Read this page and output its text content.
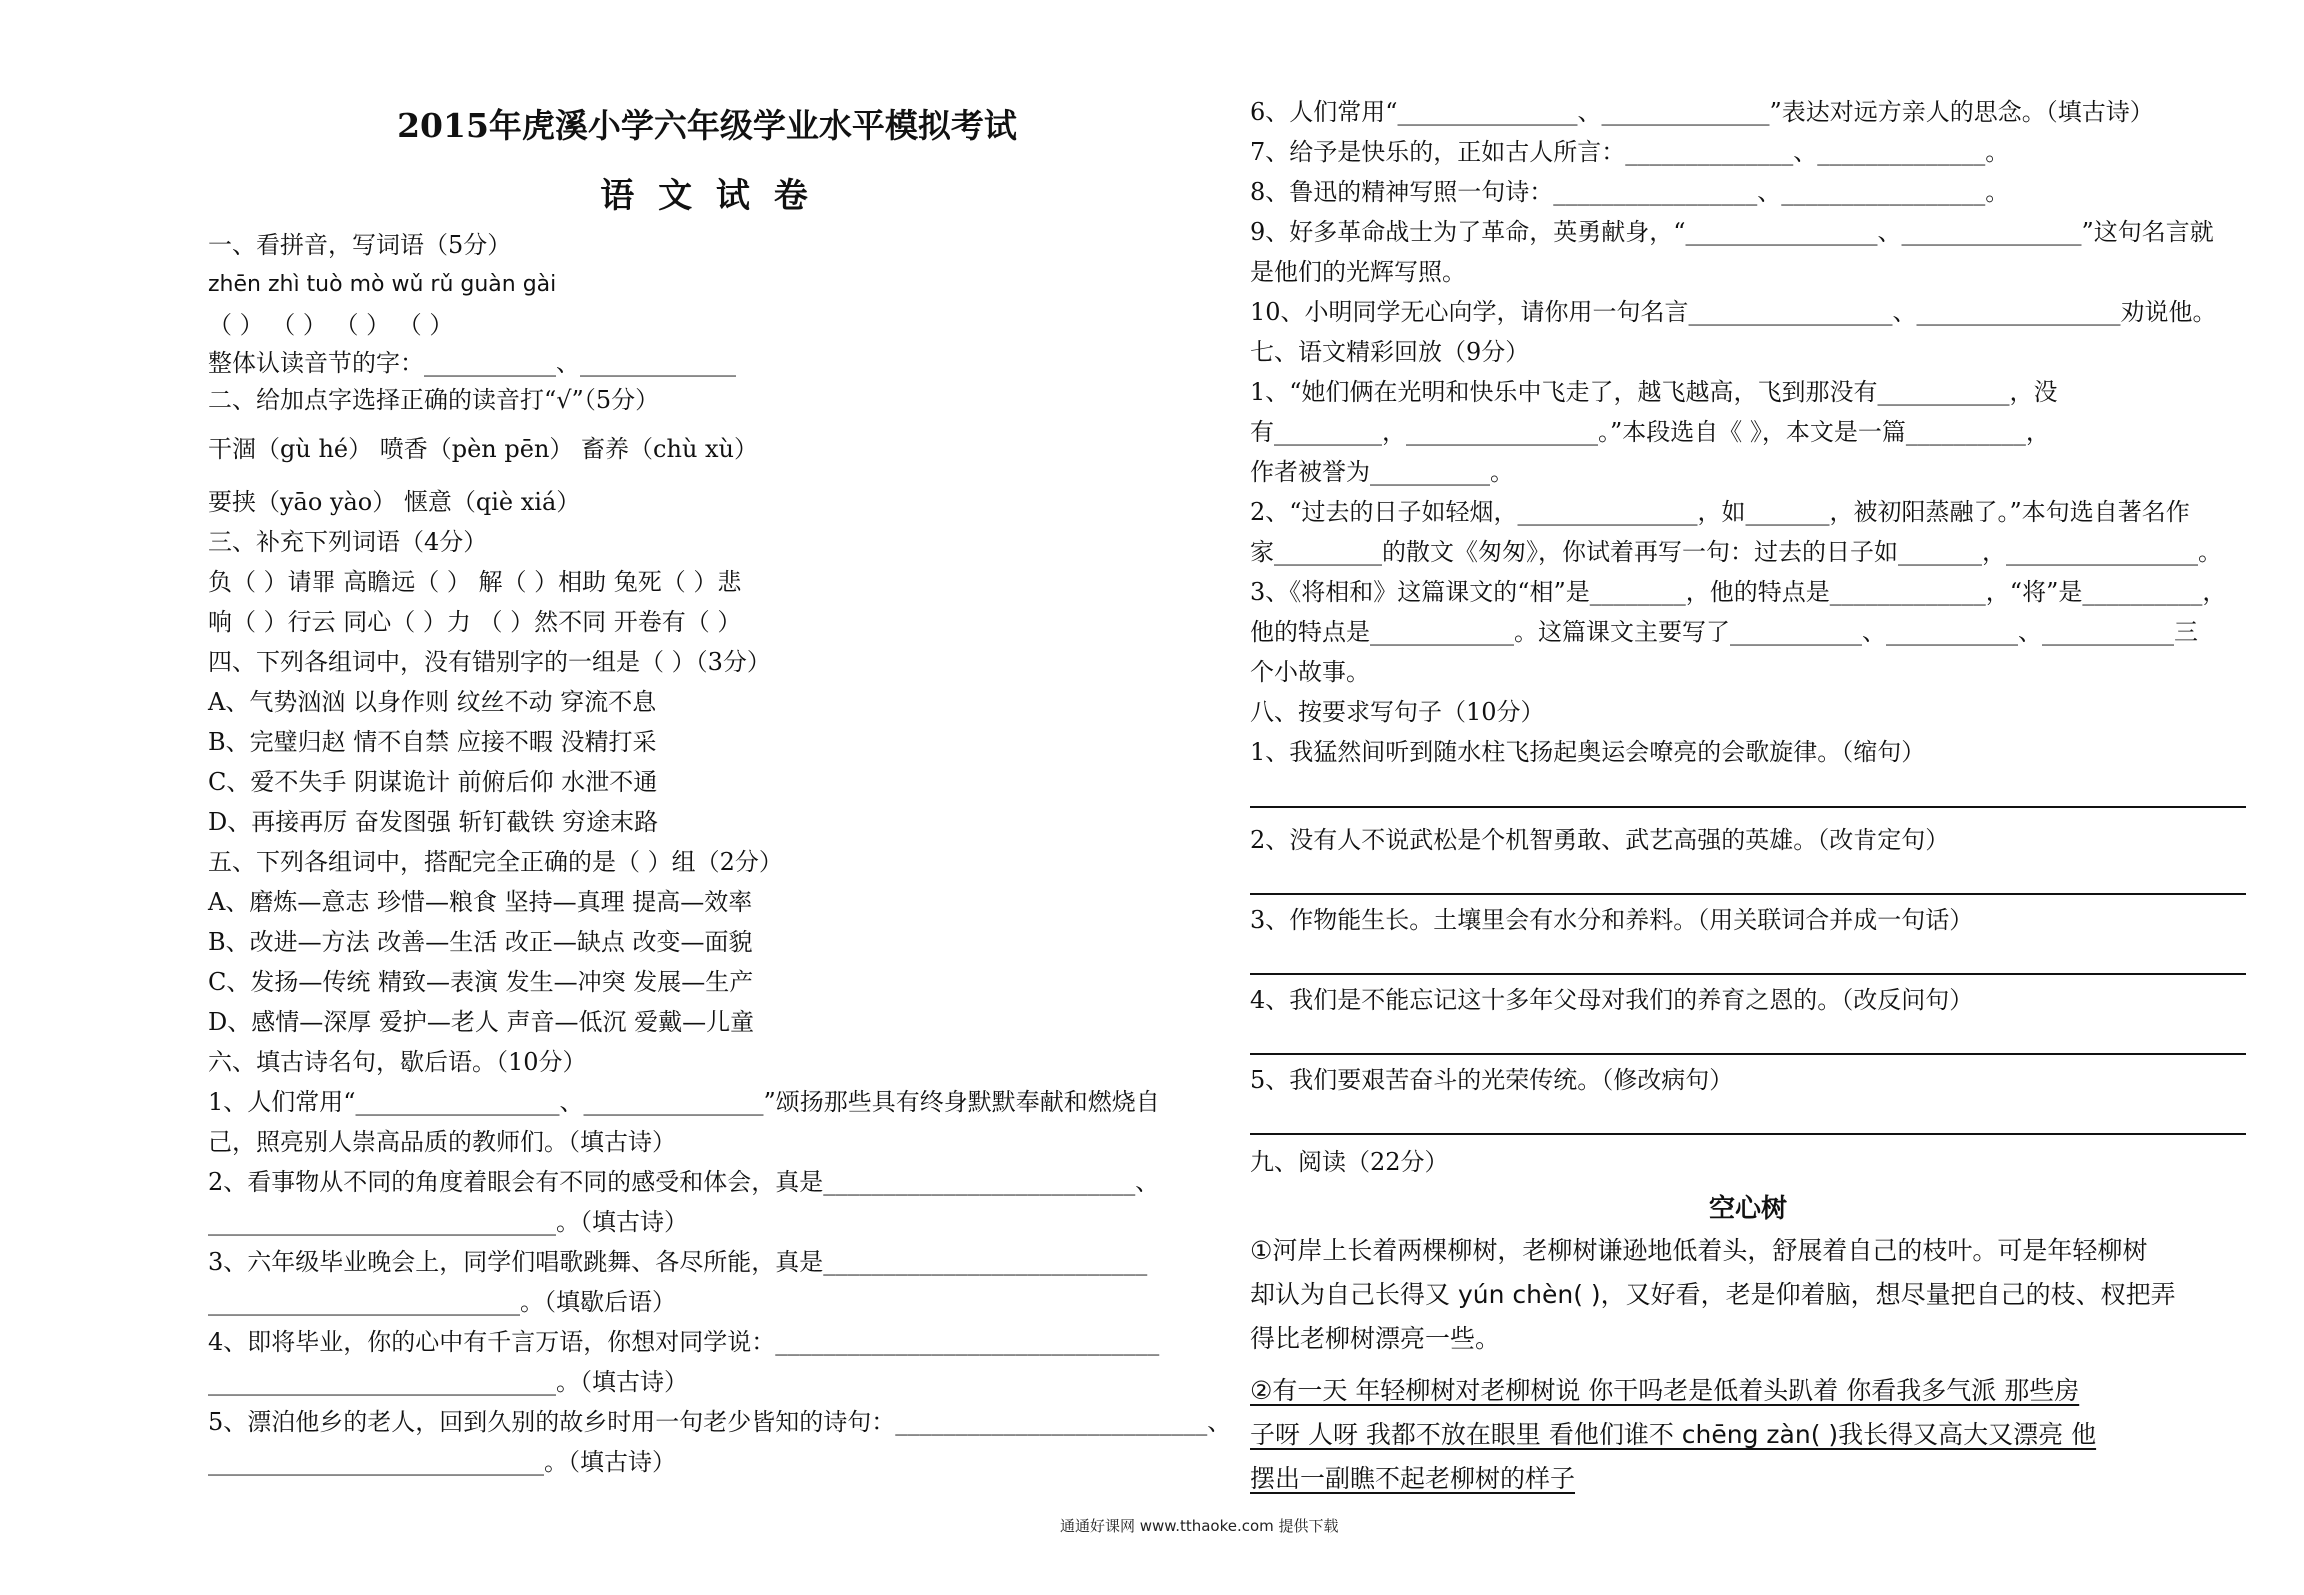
2015年虎溪小学六年级学业水平模拟考试
语 文 试 卷
一、看拼音，写词语（5分）
zhēn zhì tuò mò wǔ rǔ guàn gài
（ ） （ ） （ ） （ ）
整体认读音节的字：___________、_____________
二、给加点字选择正确的读音打“√”（5分）
干涸（gù hé） 喷香（pèn pēn） 畜养（chù xù）
要挟（yāo yào） 惬意（qiè xiá）
三、补充下列词语（4分）
负（ ）请罪 高瞻远（ ） 解（ ）相助 兔死（ ）悲
响（ ）行云 同心（ ）力 （ ）然不同 开卷有（ ）
四、下列各组词中，没有错别字的一组是（ ）（3分）
A、气势汹汹 以身作则 纹丝不动 穿流不息
B、完璧归赵 情不自禁 应接不暇 没精打采
C、爱不失手 阴谋诡计 前俯后仰 水泄不通
D、再接再厉 奋发图强 斩钉截铁 穷途末路
五、下列各组词中，搭配完全正确的是（ ）组（2分）
A、磨炼—意志 珍惜—粮食 坚持—真理 提高—效率
B、改进—方法 改善—生活 改正—缺点 改变—面貌
C、发扬—传统 精致—表演 发生—冲突 发展—生产
D、感情—深厚 爱护—老人 声音—低沉 爱戴—儿童
六、填古诗名句，歇后语。（10分）
1、人们常用“_________________、_______________”颂扬那些具有终身默默奉献和燃烧自
己，照亮别人崇高品质的教师们。（填古诗）
2、看事物从不同的角度着眼会有不同的感受和体会，真是__________________________、
_____________________________。（填古诗）
3、六年级毕业晚会上，同学们唱歌跳舞、各尽所能，真是___________________________
__________________________。（填歇后语）
4、即将毕业，你的心中有千言万语，你想对同学说：________________________________
_____________________________。（填古诗）
5、漂泊他乡的老人，回到久别的故乡时用一句老少皆知的诗句：__________________________、
____________________________。（填古诗）
6、人们常用“_______________、______________”表达对远方亲人的思念。（填古诗）
7、给予是快乐的，正如古人所言：______________、______________。
8、鲁迅的精神写照一句诗：_________________、_________________。
9、好多革命战士为了革命，英勇献身，“________________、_______________”这句名言就
是他们的光辉写照。
10、小明同学无心向学，请你用一句名言_________________、_________________劝说他。
七、语文精彩回放（9分）
1、“她们俩在光明和快乐中飞走了，越飞越高，飞到那没有___________，没
有_________，________________。”本段选自《 》，本文是一篇__________，
作者被誉为__________。
2、“过去的日子如轻烟，_______________，如_______，被初阳蒸融了。”本句选自著名作
家_________的散文《匆匆》，你试着再写一句：过去的日子如_______，________________。
3、《将相和》这篇课文的“相”是________，他的特点是_____________，“将”是__________，
他的特点是____________。这篇课文主要写了___________、___________、___________三
个小故事。
八、按要求写句子（10分）
1、我猛然间听到随水柱飞扬起奥运会嘹亮的会歌旋律。（缩句）
2、没有人不说武松是个机智勇敢、武艺高强的英雄。（改肯定句）
3、作物能生长。土壤里会有水分和养料。（用关联词合并成一句话）
4、我们是不能忘记这十多年父母对我们的养育之恩的。（改反问句）
5、我们要艰苦奋斗的光荣传统。（修改病句）
九、阅读（22分）
空心树
①河岸上长着两棵柳树，老柳树谦逊地低着头，舒展着自己的枝叶。可是年轻柳树
却认为自己长得又 yún chèn( )，又好看，老是仰着脑，想尽量把自己的枝、杈把弄
得比老柳树漂亮一些。
②有一天 年轻柳树对老柳树说 你干吗老是低着头趴着 你看我多气派 那些房
子呀 人呀 我都不放在眼里 看他们谁不 chēng zàn( )我长得又高大又漂亮 他
摆出一副瞧不起老柳树的样子
通通好课网 www.tthaoke.com 提供下载
